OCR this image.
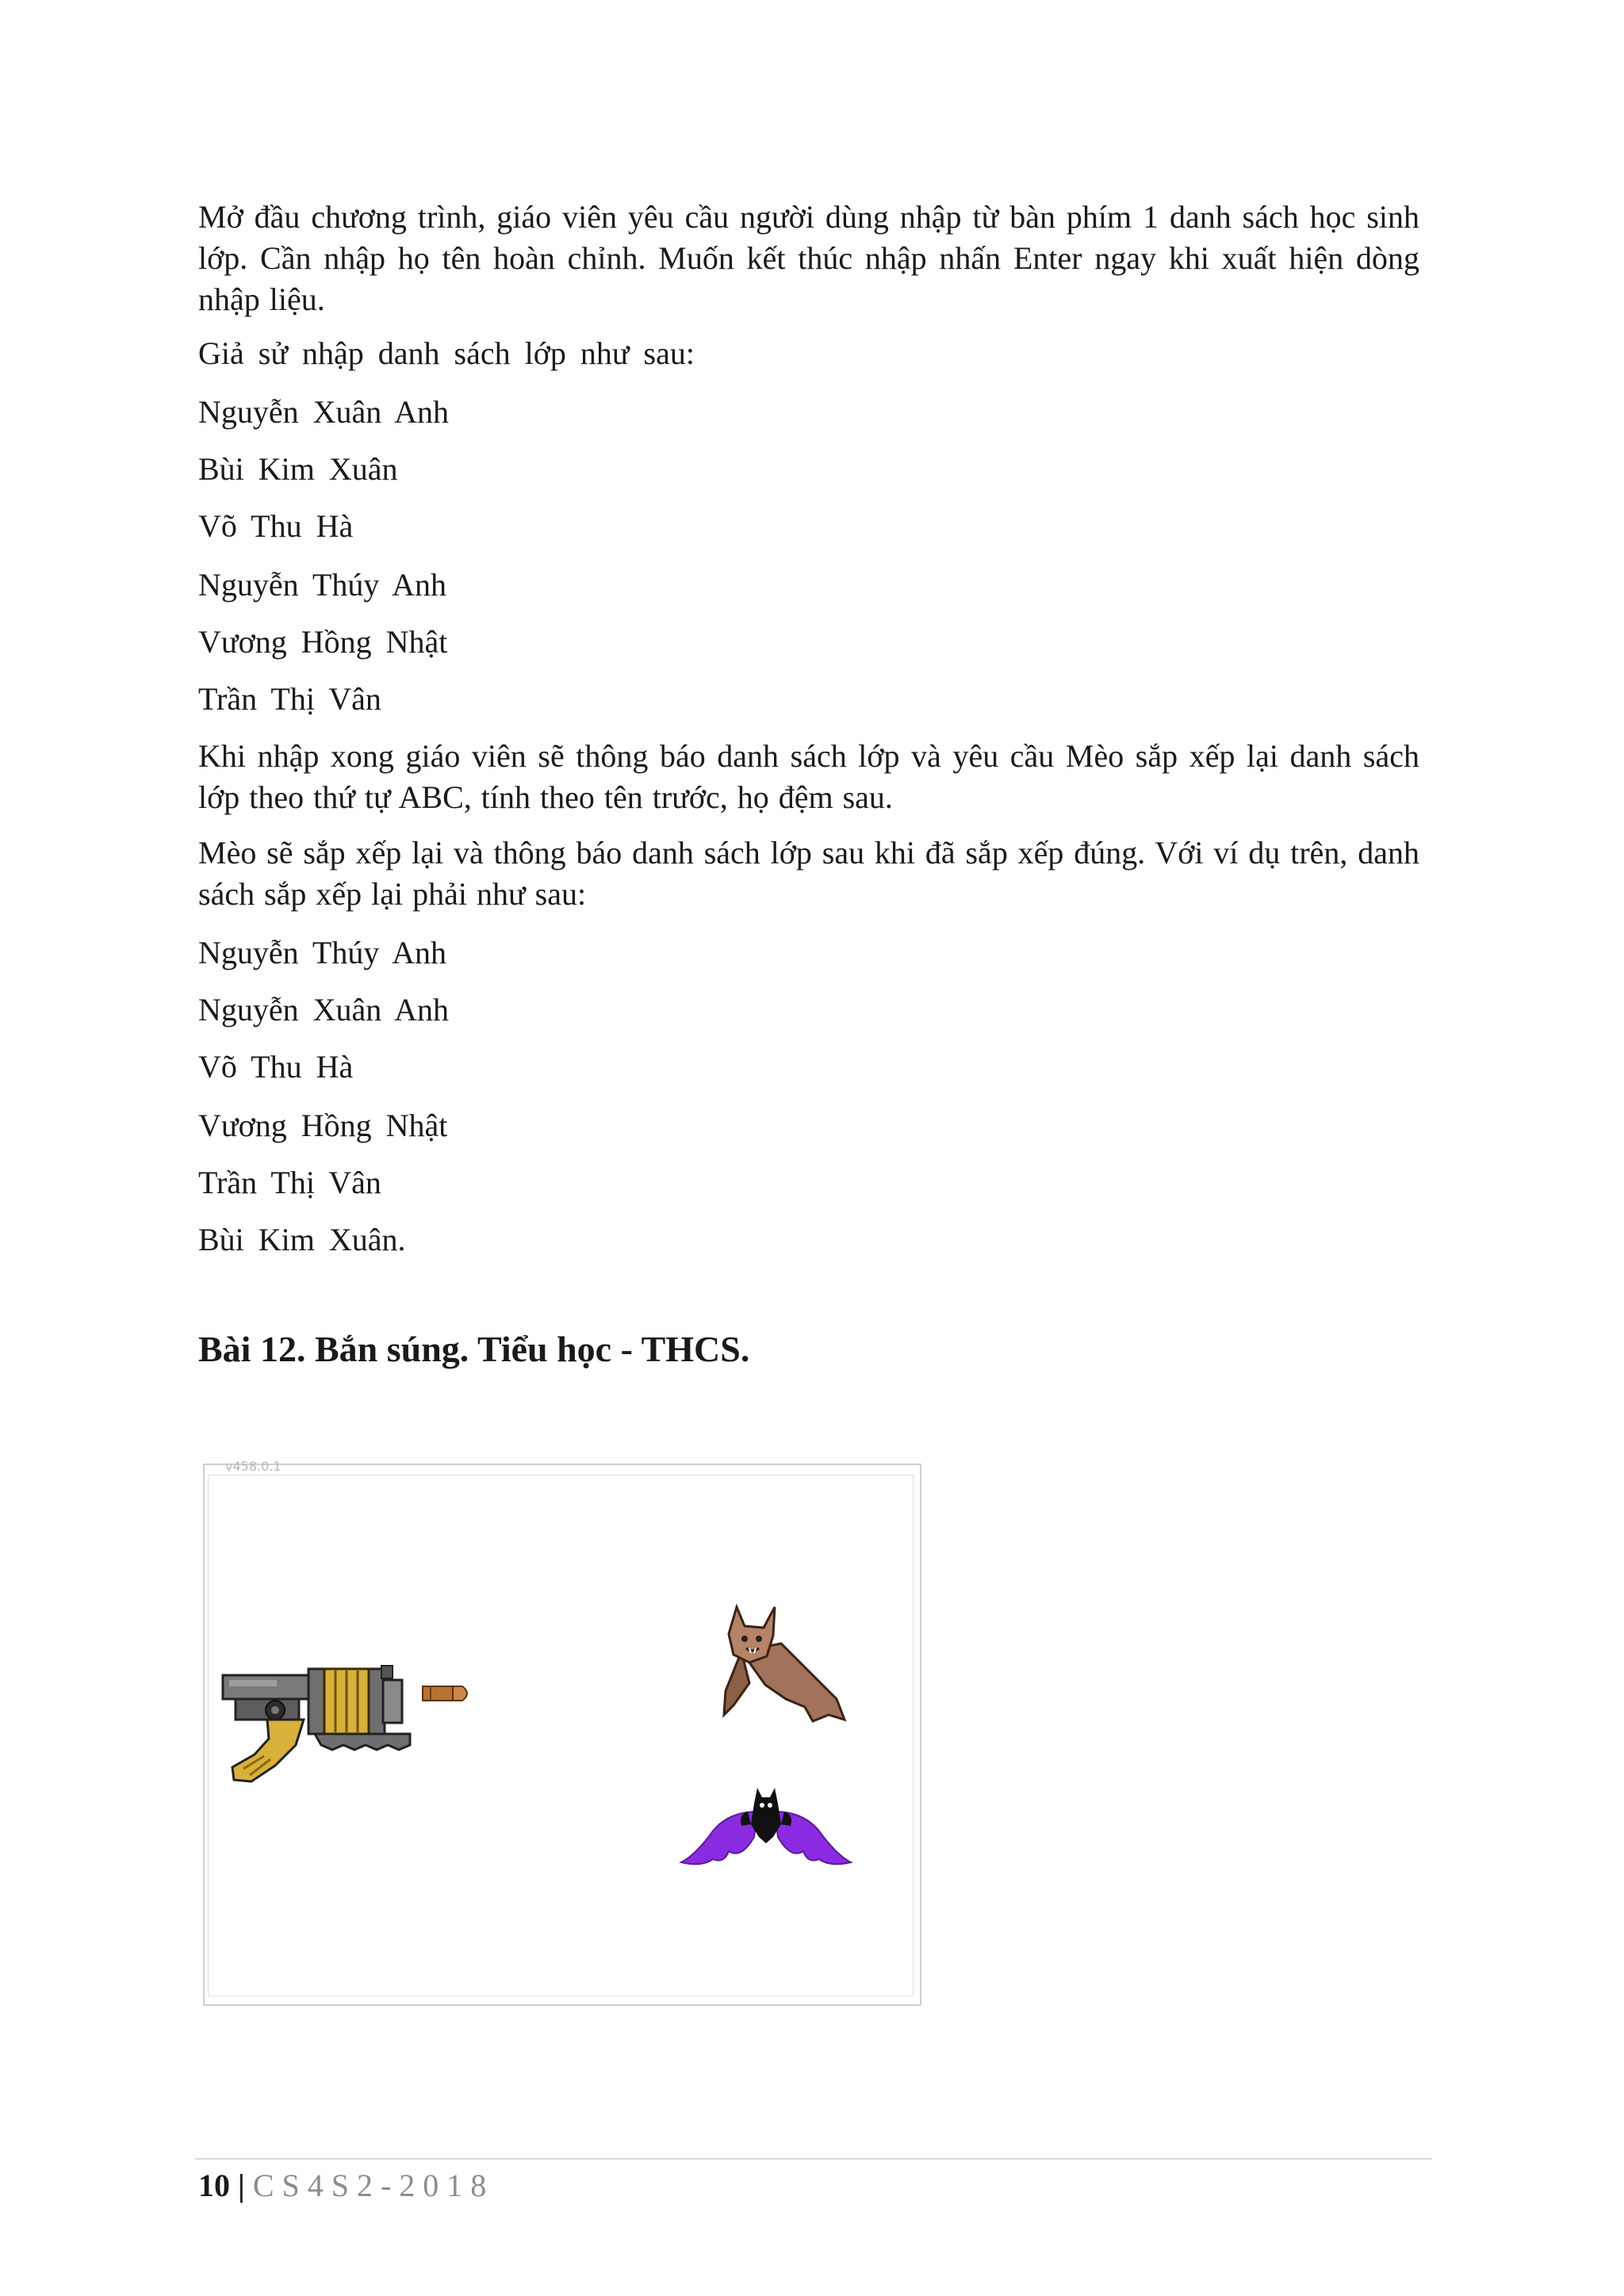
Mở đầu chương trình, giáo viên yêu cầu người dùng nhập từ bàn phím 1 danh sách học sinh lớp. Cần nhập họ tên hoàn chỉnh. Muốn kết thúc nhập nhấn Enter ngay khi xuất hiện dòng nhập liệu.

Giả sử nhập danh sách lớp như sau:

Nguyễn Xuân Anh

Bùi Kim Xuân

Võ Thu Hà

Nguyễn Thúy Anh

Vương Hồng Nhật

Trần Thị Vân

Khi nhập xong giáo viên sẽ thông báo danh sách lớp và yêu cầu Mèo sắp xếp lại danh sách lớp theo thứ tự ABC, tính theo tên trước, họ đệm sau.

Mèo sẽ sắp xếp lại và thông báo danh sách lớp sau khi đã sắp xếp đúng. Với ví dụ trên, danh sách sắp xếp lại phải như sau:

Nguyễn Thúy Anh

Nguyễn Xuân Anh

Võ Thu Hà

Vương Hồng Nhật

Trần Thị Vân

Bùi Kim Xuân.

Bài 12. Bắn súng. Tiểu học - THCS.
v458.0.1

10 | CS4S2-2018
